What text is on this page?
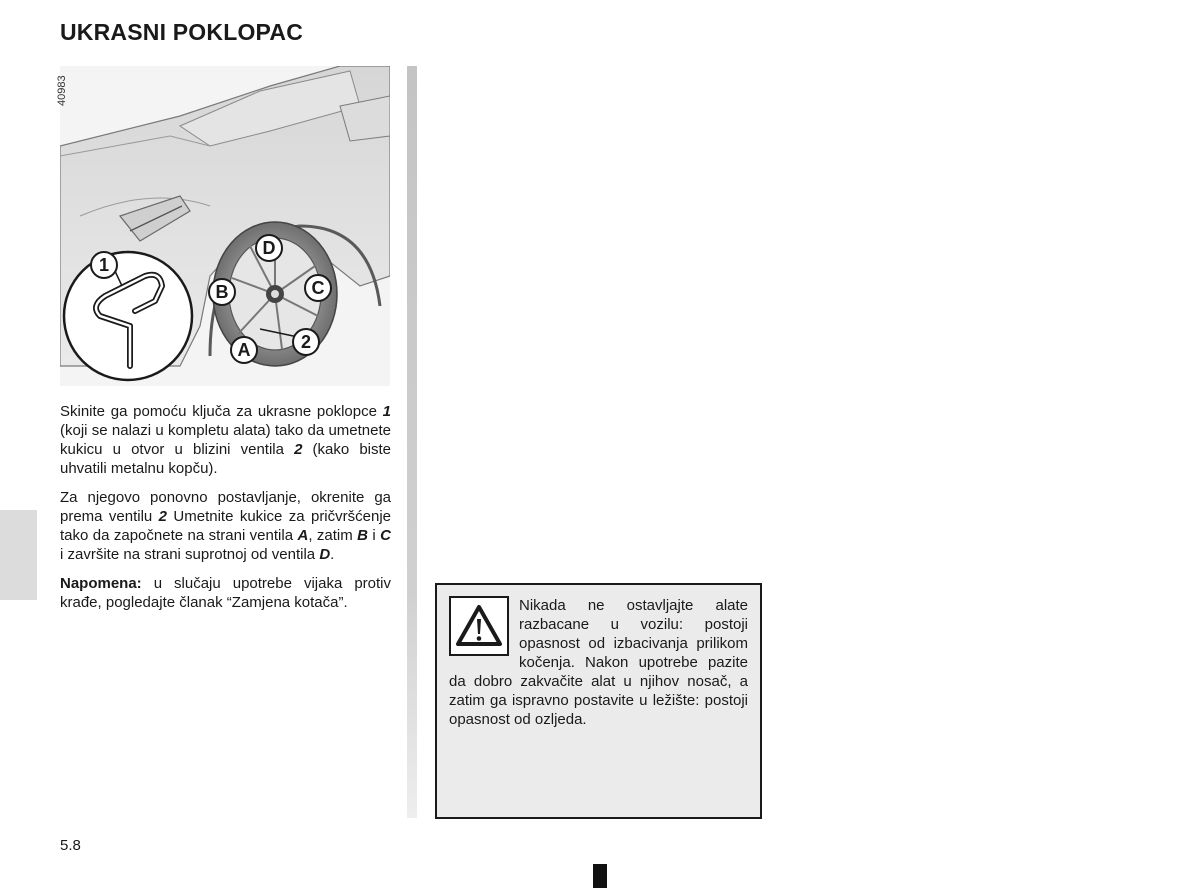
UKRASNI POKLOPAC
40983
1
D
B	C
2
A

Skinite ga pomoću ključa za ukrasne poklopce 1 (koji se nalazi u kompletu alata) tako da umetnete kukicu u otvor u blizini ventila 2 (kako biste uhvatili metalnu kopču).

Za njegovo ponovno postavljanje, okrenite ga prema ventilu 2 Umetnite kukice za pričvršćenje tako da započnete na strani ventila A, zatim B i C i završite na strani suprotnoj od ventila D.

Napomena: u slučaju upotrebe vijaka protiv krađe, pogledajte članak “Zamjena kotača”.	Nikada ne ostavljajte alate razbacane u vozilu: postoji opasnost od izbacivanja prilikom kočenja. Nakon upotrebe pazite da dobro zakvačite alat u njihov nosač, a zatim ga ispravno postavite u ležište: postoji opasnost od ozljeda.

5.8
